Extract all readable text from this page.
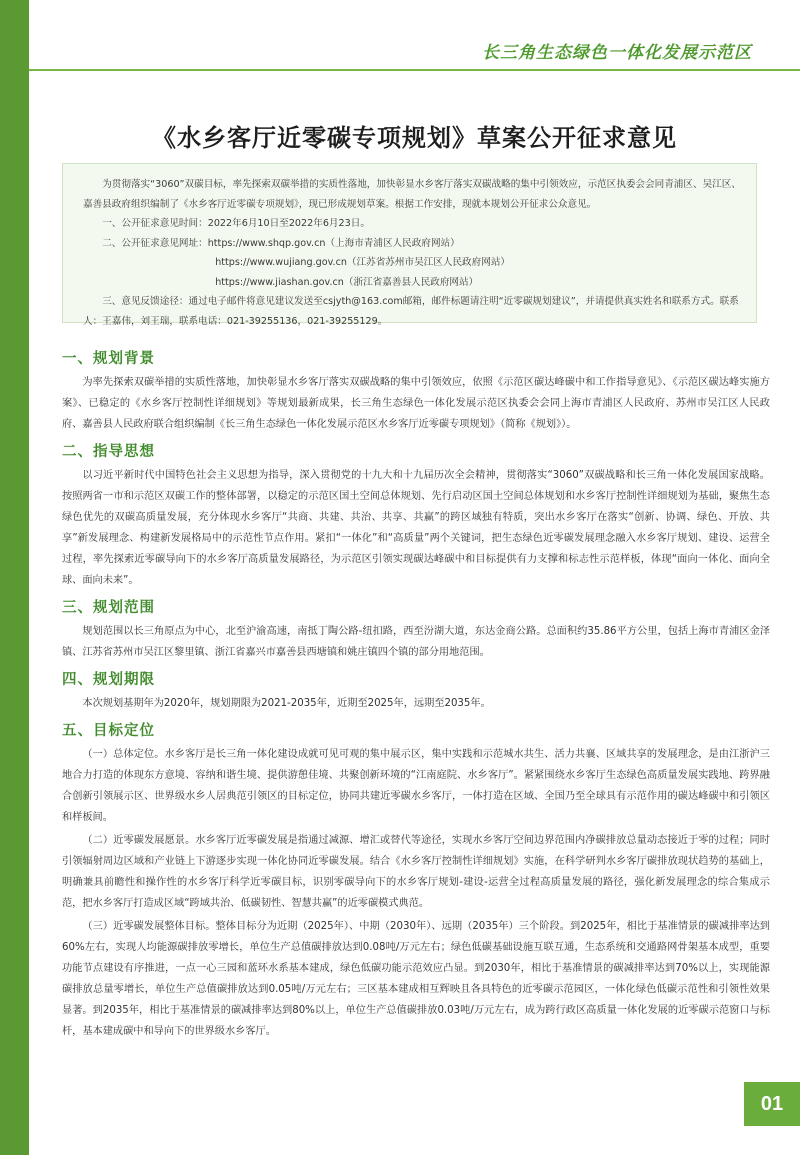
长三角生态绿色一体化发展示范区
《水乡客厅近零碳专项规划》草案公开征求意见

为贯彻落实“3060”双碳目标，率先探索双碳举措的实质性落地，加快彰显水乡客厅落实双碳战略的集中引领效应，示范区执委会会同青浦区、吴江区、嘉善县政府组织编制了《水乡客厅近零碳专项规划》，现已形成规划草案。根据工作安排，现就本规划公开征求公众意见。

一、公开征求意见时间：2022年6月10日至2022年6月23日。

二、公开征求意见网址：https://www.shqp.gov.cn（上海市青浦区人民政府网站）

https://www.wujiang.gov.cn（江苏省苏州市吴江区人民政府网站）

https://www.jiashan.gov.cn（浙江省嘉善县人民政府网站）

三、意见反馈途径：通过电子邮件将意见建议发送至csjyth@163.com邮箱，邮件标题请注明“近零碳规划建议”，并请提供真实姓名和联系方式。联系人：王嘉伟，刘王瑞，联系电话：021-39255136，021-39255129。

一、规划背景

为率先探索双碳举措的实质性落地，加快彰显水乡客厅落实双碳战略的集中引领效应，依照《示范区碳达峰碳中和工作指导意见》、《示范区碳达峰实施方案》、已稳定的《水乡客厅控制性详细规划》等规划最新成果，长三角生态绿色一体化发展示范区执委会会同上海市青浦区人民政府、苏州市吴江区人民政府、嘉善县人民政府联合组织编制《长三角生态绿色一体化发展示范区水乡客厅近零碳专项规划》（简称《规划》）。

二、指导思想

以习近平新时代中国特色社会主义思想为指导，深入贯彻党的十九大和十九届历次全会精神，贯彻落实“3060”双碳战略和长三角一体化发展国家战略。按照两省一市和示范区双碳工作的整体部署，以稳定的示范区国土空间总体规划、先行启动区国土空间总体规划和水乡客厅控制性详细规划为基础，聚焦生态绿色优先的双碳高质量发展，充分体现水乡客厅“共商、共建、共治、共享、共赢”的跨区域独有特质，突出水乡客厅在落实“创新、协调、绿色、开放、共享”新发展理念、构建新发展格局中的示范性节点作用。紧扣“一体化”和“高质量”两个关键词，把生态绿色近零碳发展理念融入水乡客厅规划、建设、运营全过程，率先探索近零碳导向下的水乡客厅高质量发展路径，为示范区引领实现碳达峰碳中和目标提供有力支撑和标志性示范样板，体现“面向一体化、面向全球、面向未来”。

三、规划范围

规划范围以长三角原点为中心，北至沪渝高速，南抵丁陶公路-纽扣路，西至汾湖大道，东达金商公路。总面积约35.86平方公里，包括上海市青浦区金泽镇、江苏省苏州市吴江区黎里镇、浙江省嘉兴市嘉善县西塘镇和姚庄镇四个镇的部分用地范围。

四、规划期限

本次规划基期年为2020年，规划期限为2021-2035年，近期至2025年，远期至2035年。

五、目标定位

（一）总体定位。水乡客厅是长三角一体化建设成就可见可观的集中展示区，集中实践和示范城水共生、活力共襄、区域共享的发展理念，是由江浙沪三地合力打造的体现东方意境、容纳和谐生境、提供游憩佳境、共聚创新环境的“江南庭院、水乡客厅”。紧紧围绕水乡客厅生态绿色高质量发展实践地、跨界融合创新引领展示区、世界级水乡人居典范引领区的目标定位，协同共建近零碳水乡客厅，一体打造在区域、全国乃至全球具有示范作用的碳达峰碳中和引领区和样板间。

（二）近零碳发展愿景。水乡客厅近零碳发展是指通过减源、增汇或替代等途径，实现水乡客厅空间边界范围内净碳排放总量动态接近于零的过程；同时引领辐射周边区域和产业链上下游逐步实现一体化协同近零碳发展。结合《水乡客厅控制性详细规划》实施，在科学研判水乡客厅碳排放现状趋势的基础上，明确兼具前瞻性和操作性的水乡客厅科学近零碳目标，识别零碳导向下的水乡客厅规划-建设-运营全过程高质量发展的路径，强化新发展理念的综合集成示范，把水乡客厅打造成区域“跨域共治、低碳韧性、智慧共赢”的近零碳模式典范。

（三）近零碳发展整体目标。整体目标分为近期（2025年）、中期（2030年）、远期（2035年）三个阶段。到2025年，相比于基准情景的碳减排率达到60%左右，实现人均能源碳排放零增长，单位生产总值碳排放达到0.08吨/万元左右；绿色低碳基础设施互联互通，生态系统和交通路网骨架基本成型，重要功能节点建设有序推进，一点一心三园和蓝环水系基本建成，绿色低碳功能示范效应凸显。到2030年，相比于基准情景的碳减排率达到70%以上，实现能源碳排放总量零增长，单位生产总值碳排放达到0.05吨/万元左右；三区基本建成相互辉映且各具特色的近零碳示范园区，一体化绿色低碳示范性和引领性效果显著。到2035年，相比于基准情景的碳减排率达到80%以上，单位生产总值碳排放0.03吨/万元左右，成为跨行政区高质量一体化发展的近零碳示范窗口与标杆，基本建成碳中和导向下的世界级水乡客厅。

01
